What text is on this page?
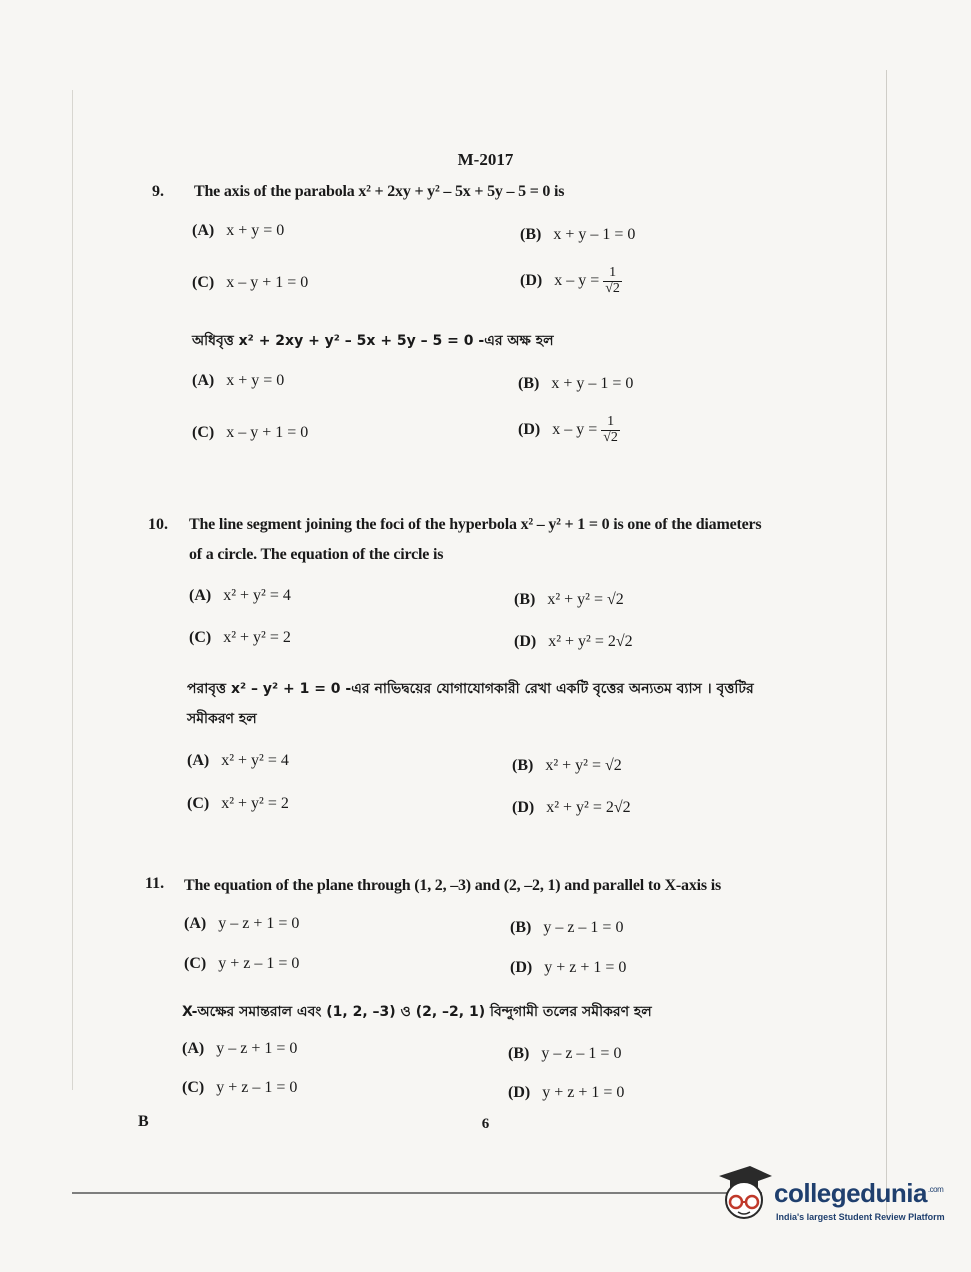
M-2017
9. The axis of the parabola x² + 2xy + y² – 5x + 5y – 5 = 0 is
(A) x + y = 0	(B) x + y – 1 = 0
(C) x – y + 1 = 0	(D) $x - y = \frac{1}{√2}$
অধিবৃত্ত x² + 2xy + y² – 5x + 5y – 5 = 0 -এর অক্ষ হল
(A) x + y = 0	(B) x + y – 1 = 0
(C) x – y + 1 = 0	(D) $x - y = \frac{1}{√2}$
10. The line segment joining the foci of the hyperbola x² – y² + 1 = 0 is one of the diameters
of a circle. The equation of the circle is
(A) x² + y² = 4	(B) x² + y² = √2
(C) x² + y² = 2	(D) x² + y² = 2√2
পরাবৃত্ত x² – y² + 1 = 0 -এর নাভিদ্বয়ের যোগাযোগকারী রেখা একটি বৃত্তের অন্যতম ব্যাস । বৃত্তটির
সমীকরণ হল
(A) x² + y² = 4	(B) x² + y² = √2
(C) x² + y² = 2	(D) x² + y² = 2√2
11. The equation of the plane through (1, 2, –3) and (2, –2, 1) and parallel to X-axis is
(A) y – z + 1 = 0	(B) y – z – 1 = 0
(C) y + z – 1 = 0	(D) y + z + 1 = 0
X-অক্ষের সমান্তরাল এবং (1, 2, –3) ও (2, –2, 1) বিন্দুগামী তলের সমীকরণ হল
(A) y – z + 1 = 0	(B) y – z – 1 = 0
(C) y + z – 1 = 0	(D) y + z + 1 = 0
B	6
collegedunia$^{.com}$
India's largest Student Review Platform
